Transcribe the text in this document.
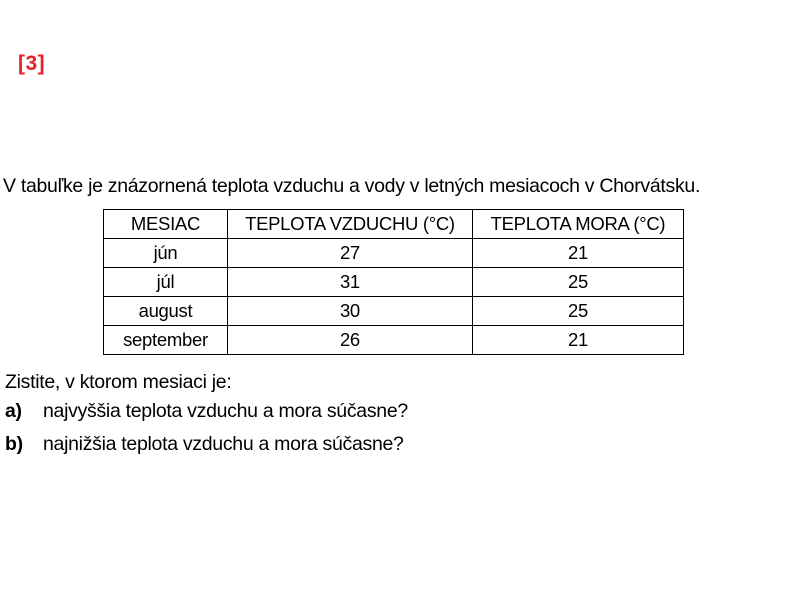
[3]
V tabuľke je znázornená teplota vzduchu a vody v letných mesiacoch v Chorvátsku.
MESIAC	TEPLOTA VZDUCHU (°C)	TEPLOTA MORA (°C)
jún	27	21
júl	31	25
august	30	25
september	26	21
Zistite, v ktorom mesiaci je:
a) najvyššia teplota vzduchu a mora súčasne?
b) najnižšia teplota vzduchu a mora súčasne?
